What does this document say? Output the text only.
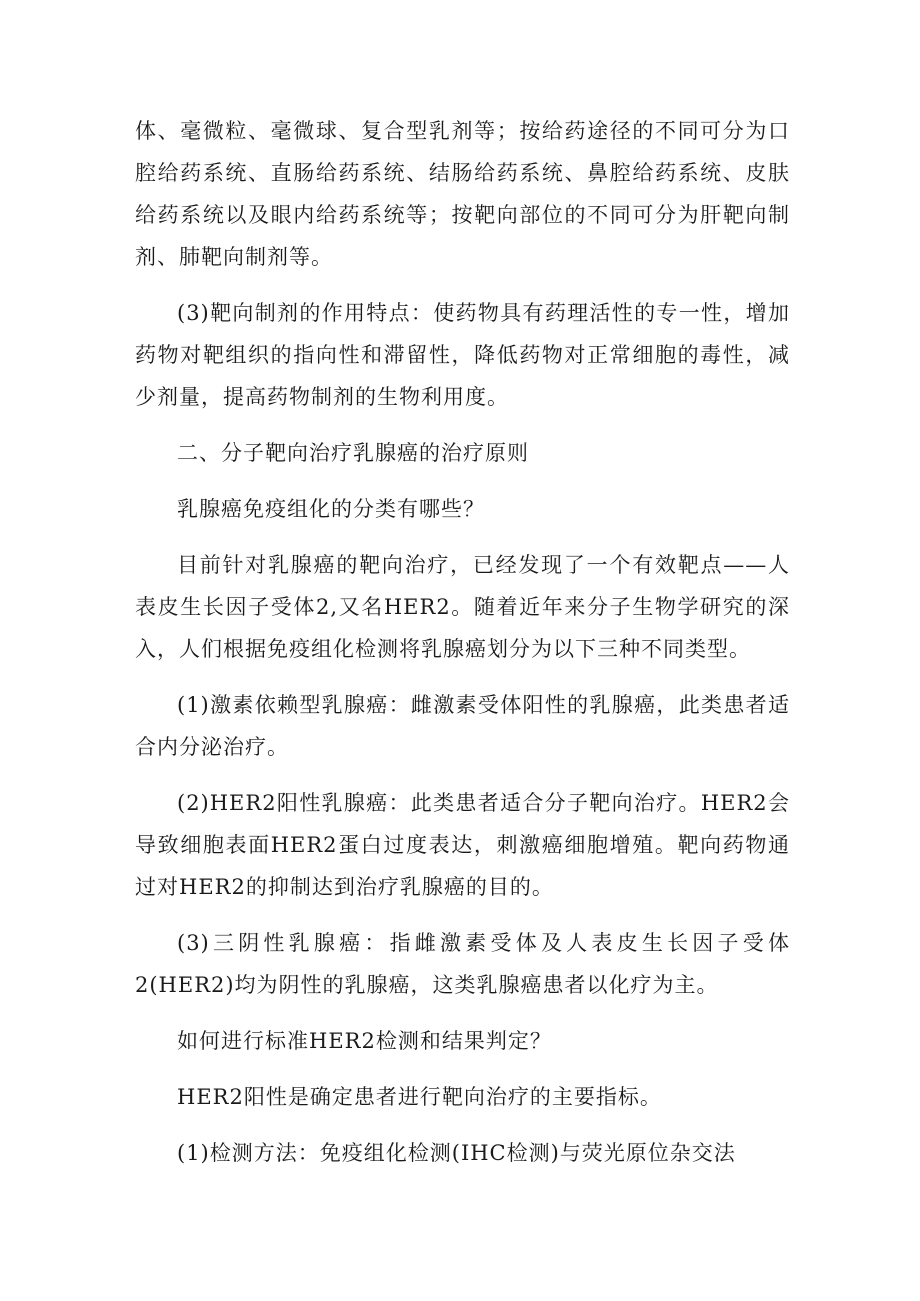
体、毫微粒、毫微球、复合型乳剂等；按给药途径的不同可分为口腔给药系统、直肠给药系统、结肠给药系统、鼻腔给药系统、皮肤给药系统以及眼内给药系统等；按靶向部位的不同可分为肝靶向制剂、肺靶向制剂等。

(3)靶向制剂的作用特点：使药物具有药理活性的专一性，增加药物对靶组织的指向性和滞留性，降低药物对正常细胞的毒性，减少剂量，提高药物制剂的生物利用度。

二、分子靶向治疗乳腺癌的治疗原则

乳腺癌免疫组化的分类有哪些？

目前针对乳腺癌的靶向治疗，已经发现了一个有效靶点——人表皮生长因子受体2,又名HER2。随着近年来分子生物学研究的深入，人们根据免疫组化检测将乳腺癌划分为以下三种不同类型。

(1)激素依赖型乳腺癌：雌激素受体阳性的乳腺癌，此类患者适合内分泌治疗。

(2)HER2阳性乳腺癌：此类患者适合分子靶向治疗。HER2会导致细胞表面HER2蛋白过度表达，刺激癌细胞增殖。靶向药物通过对HER2的抑制达到治疗乳腺癌的目的。

(3)三阴性乳腺癌：指雌激素受体及人表皮生长因子受体2(HER2)均为阴性的乳腺癌，这类乳腺癌患者以化疗为主。

如何进行标准HER2检测和结果判定？

HER2阳性是确定患者进行靶向治疗的主要指标。

(1)检测方法：免疫组化检测(IHC检测)与荧光原位杂交法
